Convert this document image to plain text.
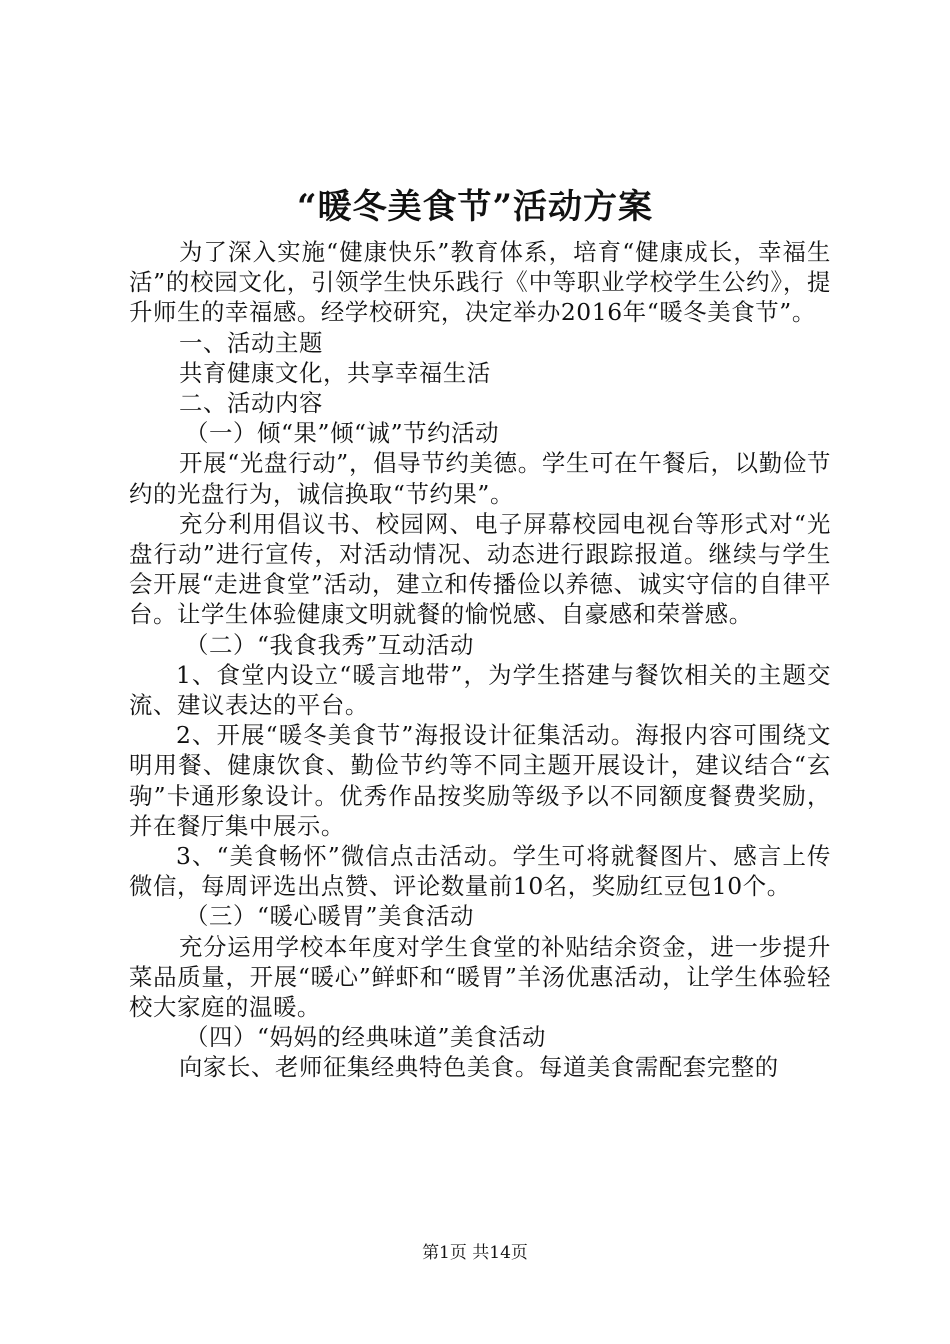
“暖冬美食节”活动方案

为了深入实施“健康快乐”教育体系，培育“健康成长，幸福生活”的校园文化，引领学生快乐践行《中等职业学校学生公约》，提升师生的幸福感。经学校研究，决定举办2016年“暖冬美食节”。

一、活动主题

共育健康文化，共享幸福生活

二、活动内容

（一）倾“果”倾“诚”节约活动

开展“光盘行动”，倡导节约美德。学生可在午餐后，以勤俭节约的光盘行为，诚信换取“节约果”。

充分利用倡议书、校园网、电子屏幕校园电视台等形式对“光盘行动”进行宣传，对活动情况、动态进行跟踪报道。继续与学生会开展“走进食堂”活动，建立和传播俭以养德、诚实守信的自律平台。让学生体验健康文明就餐的愉悦感、自豪感和荣誉感。

（二）“我食我秀”互动活动

1、食堂内设立“暖言地带”，为学生搭建与餐饮相关的主题交流、建议表达的平台。

2、开展“暖冬美食节”海报设计征集活动。海报内容可围绕文明用餐、健康饮食、勤俭节约等不同主题开展设计，建议结合“玄驹”卡通形象设计。优秀作品按奖励等级予以不同额度餐费奖励，并在餐厅集中展示。

3、“美食畅怀”微信点击活动。学生可将就餐图片、感言上传微信，每周评选出点赞、评论数量前10名，奖励红豆包10个。

（三）“暖心暖胃”美食活动

充分运用学校本年度对学生食堂的补贴结余资金，进一步提升菜品质量，开展“暖心”鲜虾和“暖胃”羊汤优惠活动，让学生体验轻校大家庭的温暖。

（四）“妈妈的经典味道”美食活动

向家长、老师征集经典特色美食。每道美食需配套完整的

第1页 共14页
